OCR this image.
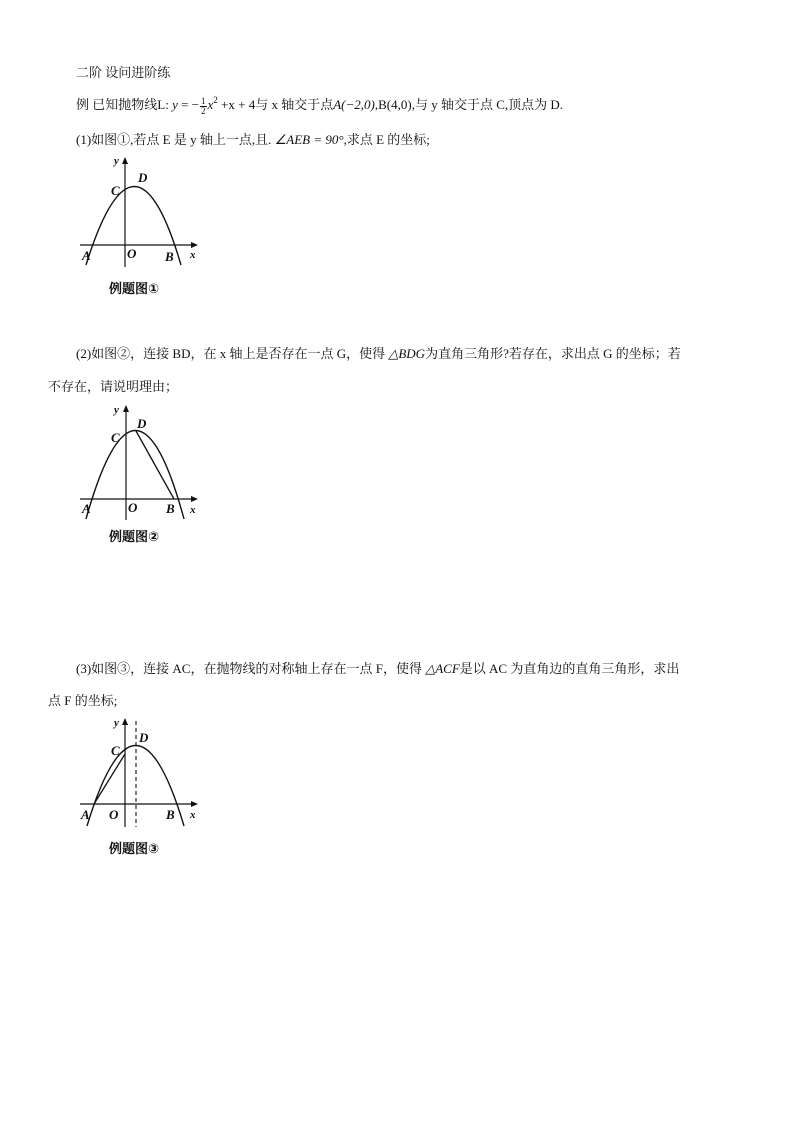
二阶 设问进阶练
例 已知抛物线L: y = − $\frac{1}{2} x^2 +x + 4$与 x 轴交于点A(−2,0),B(4,0),与 y 轴交于点 C,顶点为 D.
(1)如图①,若点 E 是 y 轴上一点,且. ∠AEB = 90°,求点 E 的坐标;
y
x
C
D
A	O B
例题图①
(2)如图②，连接 BD，在 x 轴上是否存在一点 G，使得 △BDG为直角三角形?若存在，求出点 G 的坐标；若
不存在，请说明理由；
y
x
C
D
A	O B
例题图②
(3)如图③，连接 AC，在抛物线的对称轴上存在一点 F，使得 △ACF是以 AC 为直角边的直角三角形，求出
点 F 的坐标;
y
x
C
D
A O	B
例题图③
